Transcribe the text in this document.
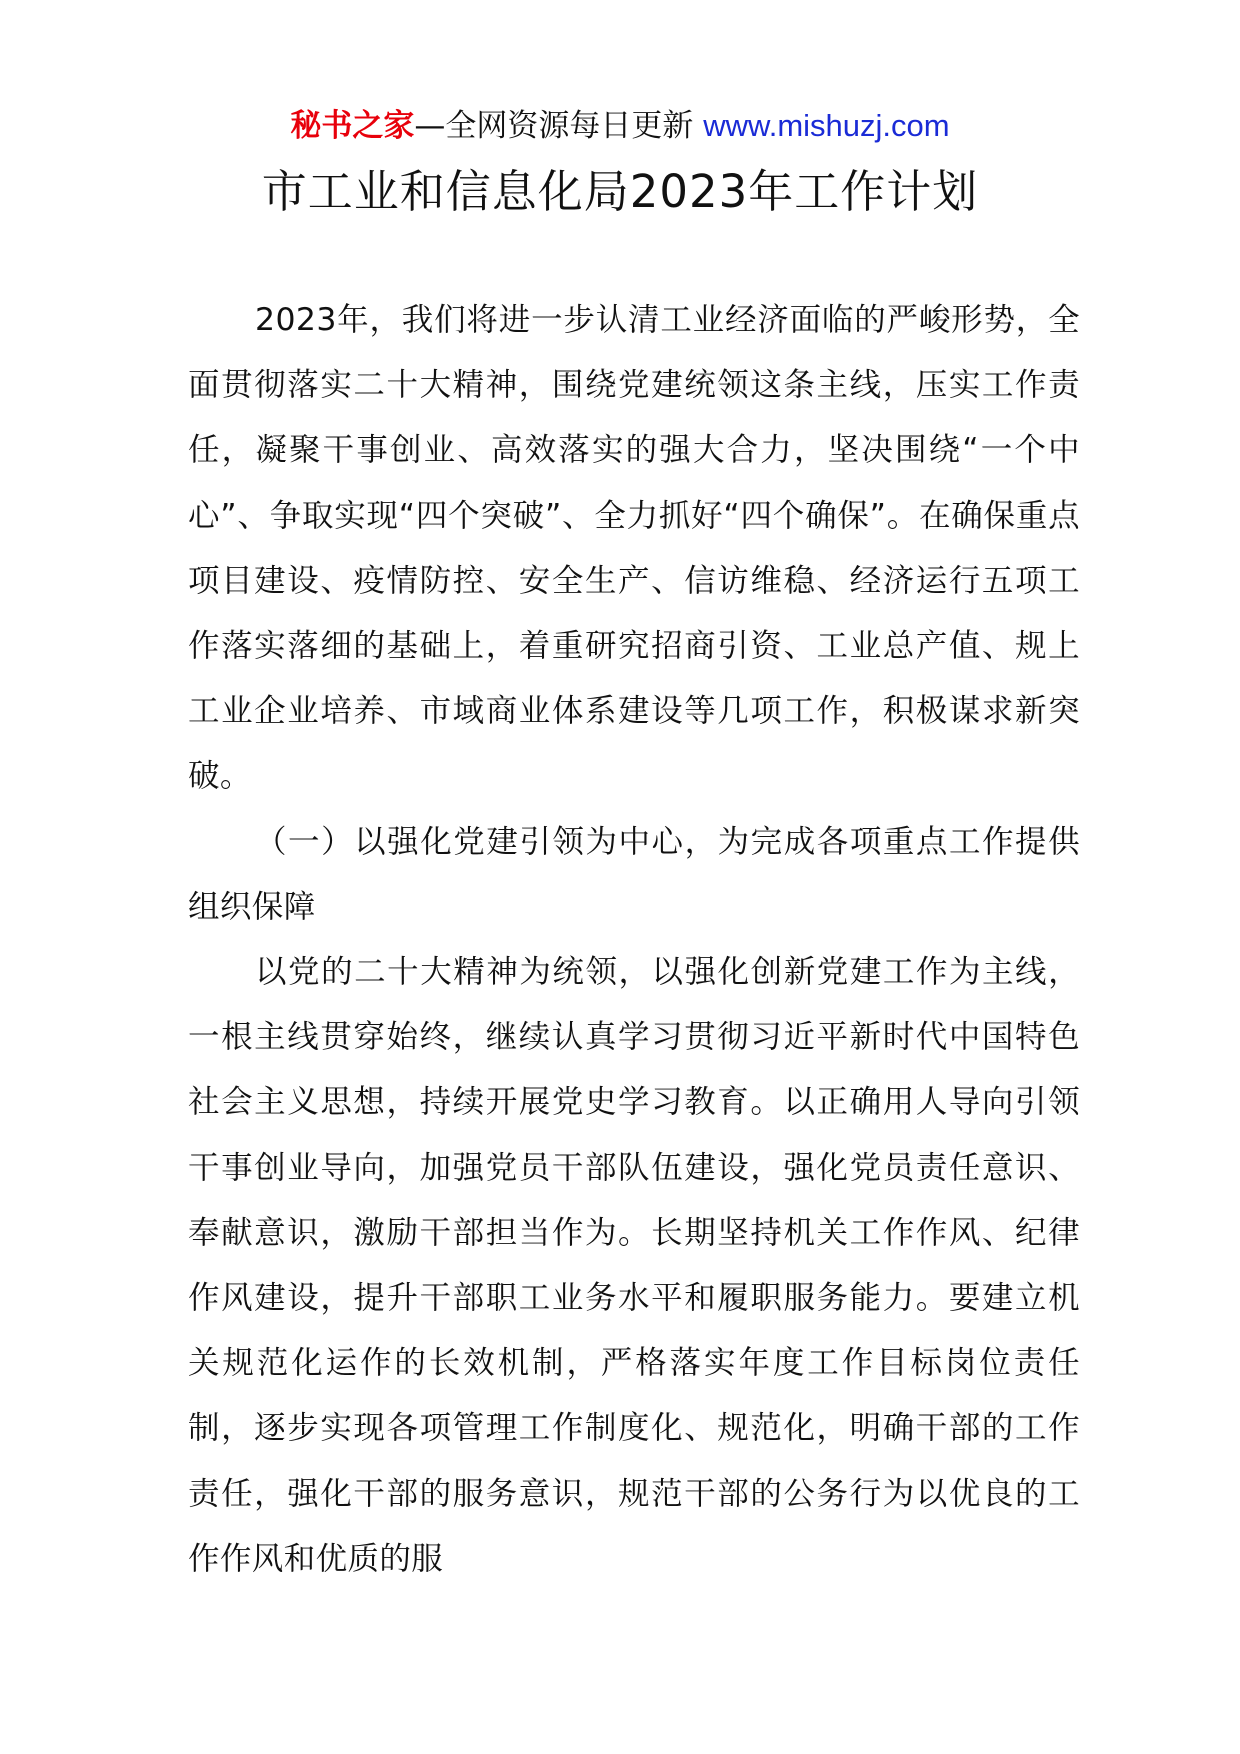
秘书之家—全网资源每日更新 www.mishuzj.com
市工业和信息化局2023年工作计划

2023年，我们将进一步认清工业经济面临的严峻形势，全面贯彻落实二十大精神，围绕党建统领这条主线，压实工作责任，凝聚干事创业、高效落实的强大合力，坚决围绕“一个中心”、争取实现“四个突破”、全力抓好“四个确保”。在确保重点项目建设、疫情防控、安全生产、信访维稳、经济运行五项工作落实落细的基础上，着重研究招商引资、工业总产值、规上工业企业培养、市域商业体系建设等几项工作，积极谋求新突破。

（一）以强化党建引领为中心，为完成各项重点工作提供组织保障

以党的二十大精神为统领，以强化创新党建工作为主线，一根主线贯穿始终，继续认真学习贯彻习近平新时代中国特色社会主义思想，持续开展党史学习教育。以正确用人导向引领干事创业导向，加强党员干部队伍建设，强化党员责任意识、奉献意识，激励干部担当作为。长期坚持机关工作作风、纪律作风建设，提升干部职工业务水平和履职服务能力。要建立机关规范化运作的长效机制，严格落实年度工作目标岗位责任制，逐步实现各项管理工作制度化、规范化，明确干部的工作责任，强化干部的服务意识，规范干部的公务行为以优良的工作作风和优质的服
